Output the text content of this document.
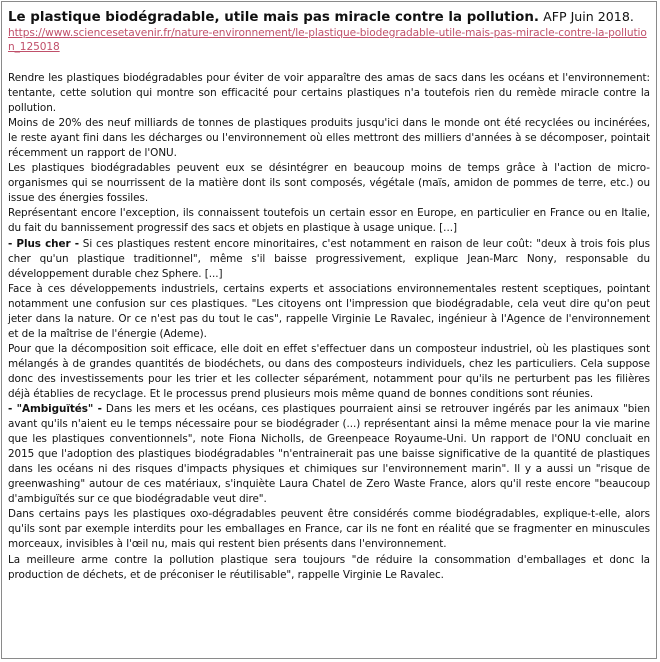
Le plastique biodégradable, utile mais pas miracle contre la pollution. AFP Juin 2018.
https://www.sciencesetavenir.fr/nature-environnement/le-plastique-biodegradable-utile-mais-pas-miracle-contre-la-pollution_125018

Rendre les plastiques biodégradables pour éviter de voir apparaître des amas de sacs dans les océans et l'environnement: tentante, cette solution qui montre son efficacité pour certains plastiques n'a toutefois rien du remède miracle contre la pollution.

Moins de 20% des neuf milliards de tonnes de plastiques produits jusqu'ici dans le monde ont été recyclées ou incinérées, le reste ayant fini dans les décharges ou l'environnement où elles mettront des milliers d'années à se décomposer, pointait récemment un rapport de l'ONU.

Les plastiques biodégradables peuvent eux se désintégrer en beaucoup moins de temps grâce à l'action de micro-organismes qui se nourrissent de la matière dont ils sont composés, végétale (maïs, amidon de pommes de terre, etc.) ou issue des énergies fossiles.

Représentant encore l'exception, ils connaissent toutefois un certain essor en Europe, en particulier en France ou en Italie, du fait du bannissement progressif des sacs et objets en plastique à usage unique. [...]

- Plus cher - Si ces plastiques restent encore minoritaires, c'est notamment en raison de leur coût: "deux à trois fois plus cher qu'un plastique traditionnel", même s'il baisse progressivement, explique Jean-Marc Nony, responsable du développement durable chez Sphere. [...]

Face à ces développements industriels, certains experts et associations environnementales restent sceptiques, pointant notamment une confusion sur ces plastiques. "Les citoyens ont l'impression que biodégradable, cela veut dire qu'on peut jeter dans la nature. Or ce n'est pas du tout le cas", rappelle Virginie Le Ravalec, ingénieur à l'Agence de l'environnement et de la maîtrise de l'énergie (Ademe).

Pour que la décomposition soit efficace, elle doit en effet s'effectuer dans un composteur industriel, où les plastiques sont mélangés à de grandes quantités de biodéchets, ou dans des composteurs individuels, chez les particuliers. Cela suppose donc des investissements pour les trier et les collecter séparément, notamment pour qu'ils ne perturbent pas les filières déjà établies de recyclage. Et le processus prend plusieurs mois même quand de bonnes conditions sont réunies.

- "Ambiguïtés" - Dans les mers et les océans, ces plastiques pourraient ainsi se retrouver ingérés par les animaux "bien avant qu'ils n'aient eu le temps nécessaire pour se biodégrader (...) représentant ainsi la même menace pour la vie marine que les plastiques conventionnels", note Fiona Nicholls, de Greenpeace Royaume-Uni. Un rapport de l'ONU concluait en 2015 que l'adoption des plastiques biodégradables "n'entrainerait pas une baisse significative de la quantité de plastiques dans les océans ni des risques d'impacts physiques et chimiques sur l'environnement marin". Il y a aussi un "risque de greenwashing" autour de ces matériaux, s'inquiète Laura Chatel de Zero Waste France, alors qu'il reste encore "beaucoup d'ambiguïtés sur ce que biodégradable veut dire".

Dans certains pays les plastiques oxo-dégradables peuvent être considérés comme biodégradables, explique-t-elle, alors qu'ils sont par exemple interdits pour les emballages en France, car ils ne font en réalité que se fragmenter en minuscules morceaux, invisibles à l'œil nu, mais qui restent bien présents dans l'environnement.

La meilleure arme contre la pollution plastique sera toujours "de réduire la consommation d'emballages et donc la production de déchets, et de préconiser le réutilisable", rappelle Virginie Le Ravalec.
